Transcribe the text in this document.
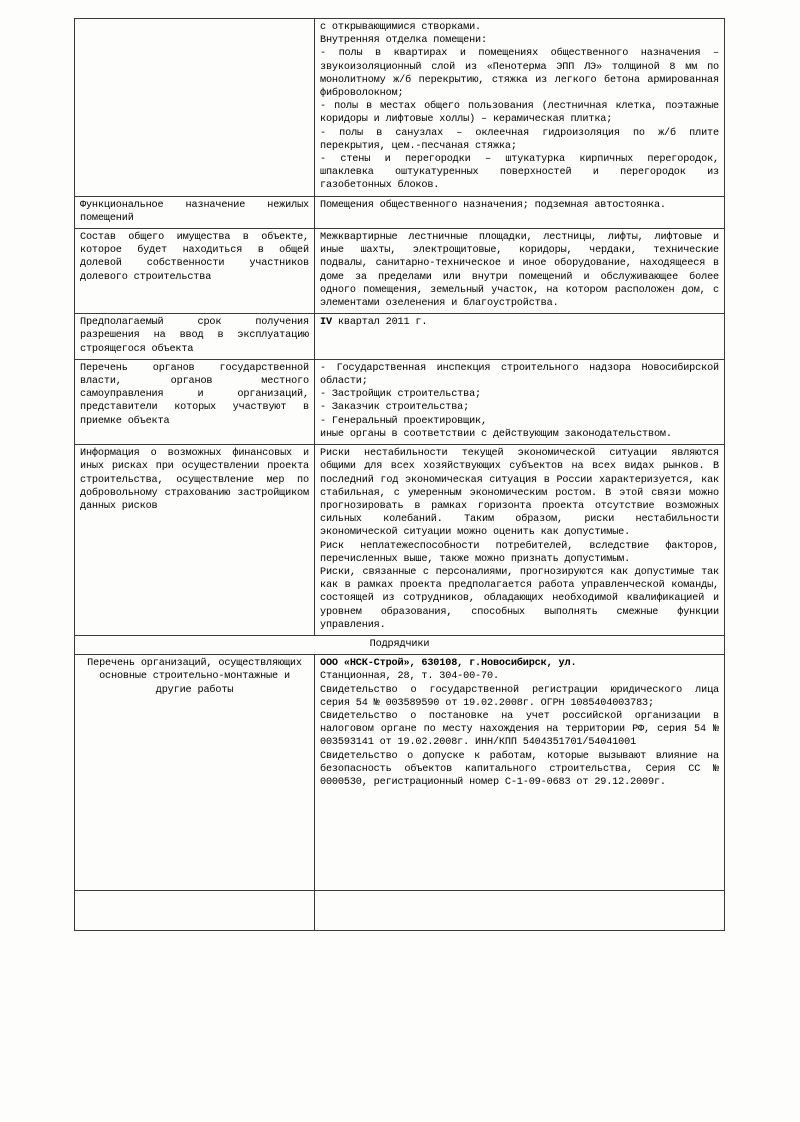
с открывающимися створками.

Внутренняя отделка помещени:

- полы в квартирах и помещениях общественного назначения – звукоизоляционный слой из «Пенотерма ЭПП ЛЭ» толщиной 8 мм по монолитному ж/б перекрытию, стяжка из легкого бетона армированная фиброволокном;

- полы в местах общего пользования (лестничная клетка, поэтажные коридоры и лифтовые холлы) – керамическая плитка;

- полы в санузлах – оклеечная гидроизоляция по ж/б плите перекрытия, цем.-песчаная стяжка;

- стены и перегородки – штукатурка кирпичных перегородок, шпаклевка оштукатуренных поверхностей и перегородок из газобетонных блоков.

Функциональное назначение нежилых помещений	Помещения общественного назначения; подземная автостоянка.

Состав общего имущества в объекте, которое будет находиться в общей долевой собственности участников долевого строительства	Межквартирные лестничные площадки, лестницы, лифты, лифтовые и иные шахты, электрощитовые, коридоры, чердаки, технические подвалы, санитарно-техническое и иное оборудование, находящееся в доме за пределами или внутри помещений и обслуживающее более одного помещения, земельный участок, на котором расположен дом, с элементами озеленения и благоустройства.

Предполагаемый срок получения разрешения на ввод в эксплуатацию строящегося объекта	IV квартал 2011 г.

Перечень органов государственной власти, органов местного самоуправления и организаций, представители которых участвуют в приемке объекта	- Государственная инспекция строительного надзора Новосибирской области;

- Застройщик строительства;

- Заказчик строительства;

- Генеральный проектировщик,

иные органы в соответствии с действующим законодательством.

Информация о возможных финансовых и иных рисках при осуществлении проекта строительства, осуществление мер по добровольному страхованию застройщиком данных рисков	Риски нестабильности текущей экономической ситуации являются общими для всех хозяйствующих субъектов на всех видах рынков. В последний год экономическая ситуация в России характеризуется, как стабильная, с умеренным экономическим ростом. В этой связи можно прогнозировать в рамках горизонта проекта отсутствие возможных сильных колебаний. Таким образом, риски нестабильности экономической ситуации можно оценить как допустимые.

Риск неплатежеспособности потребителей, вследствие факторов, перечисленных выше, также можно признать допустимым.

Риски, связанные с персоналиями, прогнозируются как допустимые так как в рамках проекта предполагается работа управленческой команды, состоящей из сотрудников, обладающих необходимой квалификацией и уровнем образования, способных выполнять смежные функции управления.

Подрядчики	
Перечень организаций, осуществляющих основные строительно-монтажные и другие работы	ООО «НСК-Строй», 630108, г.Новосибирск, ул.

Станционная, 28, т. 304-00-70.

Свидетельство о государственной регистрации юридического лица серия 54 № 003589590 от 19.02.2008г. ОГРН 1085404003783;

Свидетельство о постановке на учет российской организации в налоговом органе по месту нахождения на территории РФ, серия 54 № 003593141 от 19.02.2008г. ИНН/КПП 5404351701/54041001

Свидетельство о допуске к работам, которые вызывают влияние на безопасность объектов капитального строительства, Серия СС № 0000530, регистрационный номер С-1-09-0683 от 29.12.2009г.
